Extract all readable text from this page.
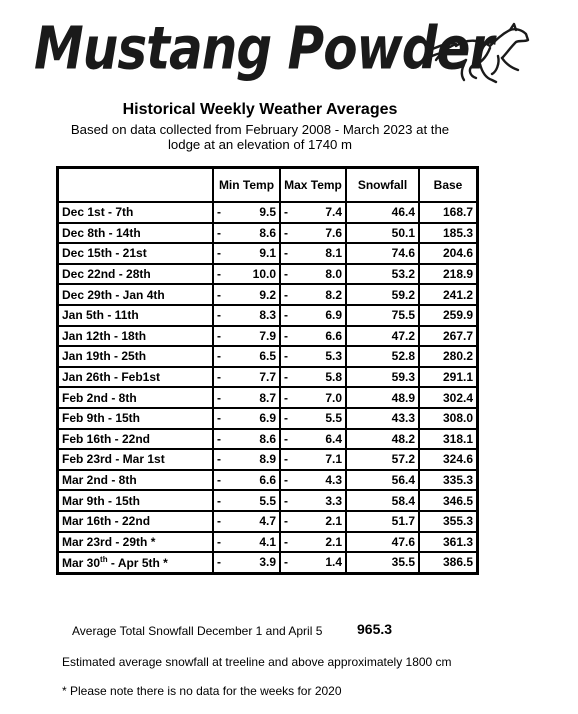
Mustang Powder
Historical Weekly Weather Averages
Based on data collected from February 2008 - March 2023 at the lodge at an elevation of 1740 m
	Min Temp		Max Temp		Snowfall	Base
Dec 1st - 7th	-	9.5	-	7.4	46.4	168.7
Dec 8th - 14th	-	8.6	-	7.6	50.1	185.3
Dec 15th - 21st	-	9.1	-	8.1	74.6	204.6
Dec 22nd - 28th	-	10.0	-	8.0	53.2	218.9
Dec 29th - Jan 4th	-	9.2	-	8.2	59.2	241.2
Jan 5th - 11th	-	8.3	-	6.9	75.5	259.9
Jan 12th - 18th	-	7.9	-	6.6	47.2	267.7
Jan 19th - 25th	-	6.5	-	5.3	52.8	280.2
Jan 26th - Feb1st	-	7.7	-	5.8	59.3	291.1
Feb 2nd - 8th	-	8.7	-	7.0	48.9	302.4
Feb 9th - 15th	-	6.9	-	5.5	43.3	308.0
Feb 16th - 22nd	-	8.6	-	6.4	48.2	318.1
Feb 23rd - Mar 1st	-	8.9	-	7.1	57.2	324.6
Mar 2nd - 8th	-	6.6	-	4.3	56.4	335.3
Mar 9th - 15th	-	5.5	-	3.3	58.4	346.5
Mar 16th - 22nd	-	4.7	-	2.1	51.7	355.3
Mar 23rd - 29th *	-	4.1	-	2.1	47.6	361.3
Mar 30th - Apr 5th *	-	3.9	-	1.4	35.5	386.5
Average Total Snowfall December 1 and April 5 965.3
Estimated average snowfall at treeline and above approximately 1800 cm
* Please note there is no data for the weeks for 2020
